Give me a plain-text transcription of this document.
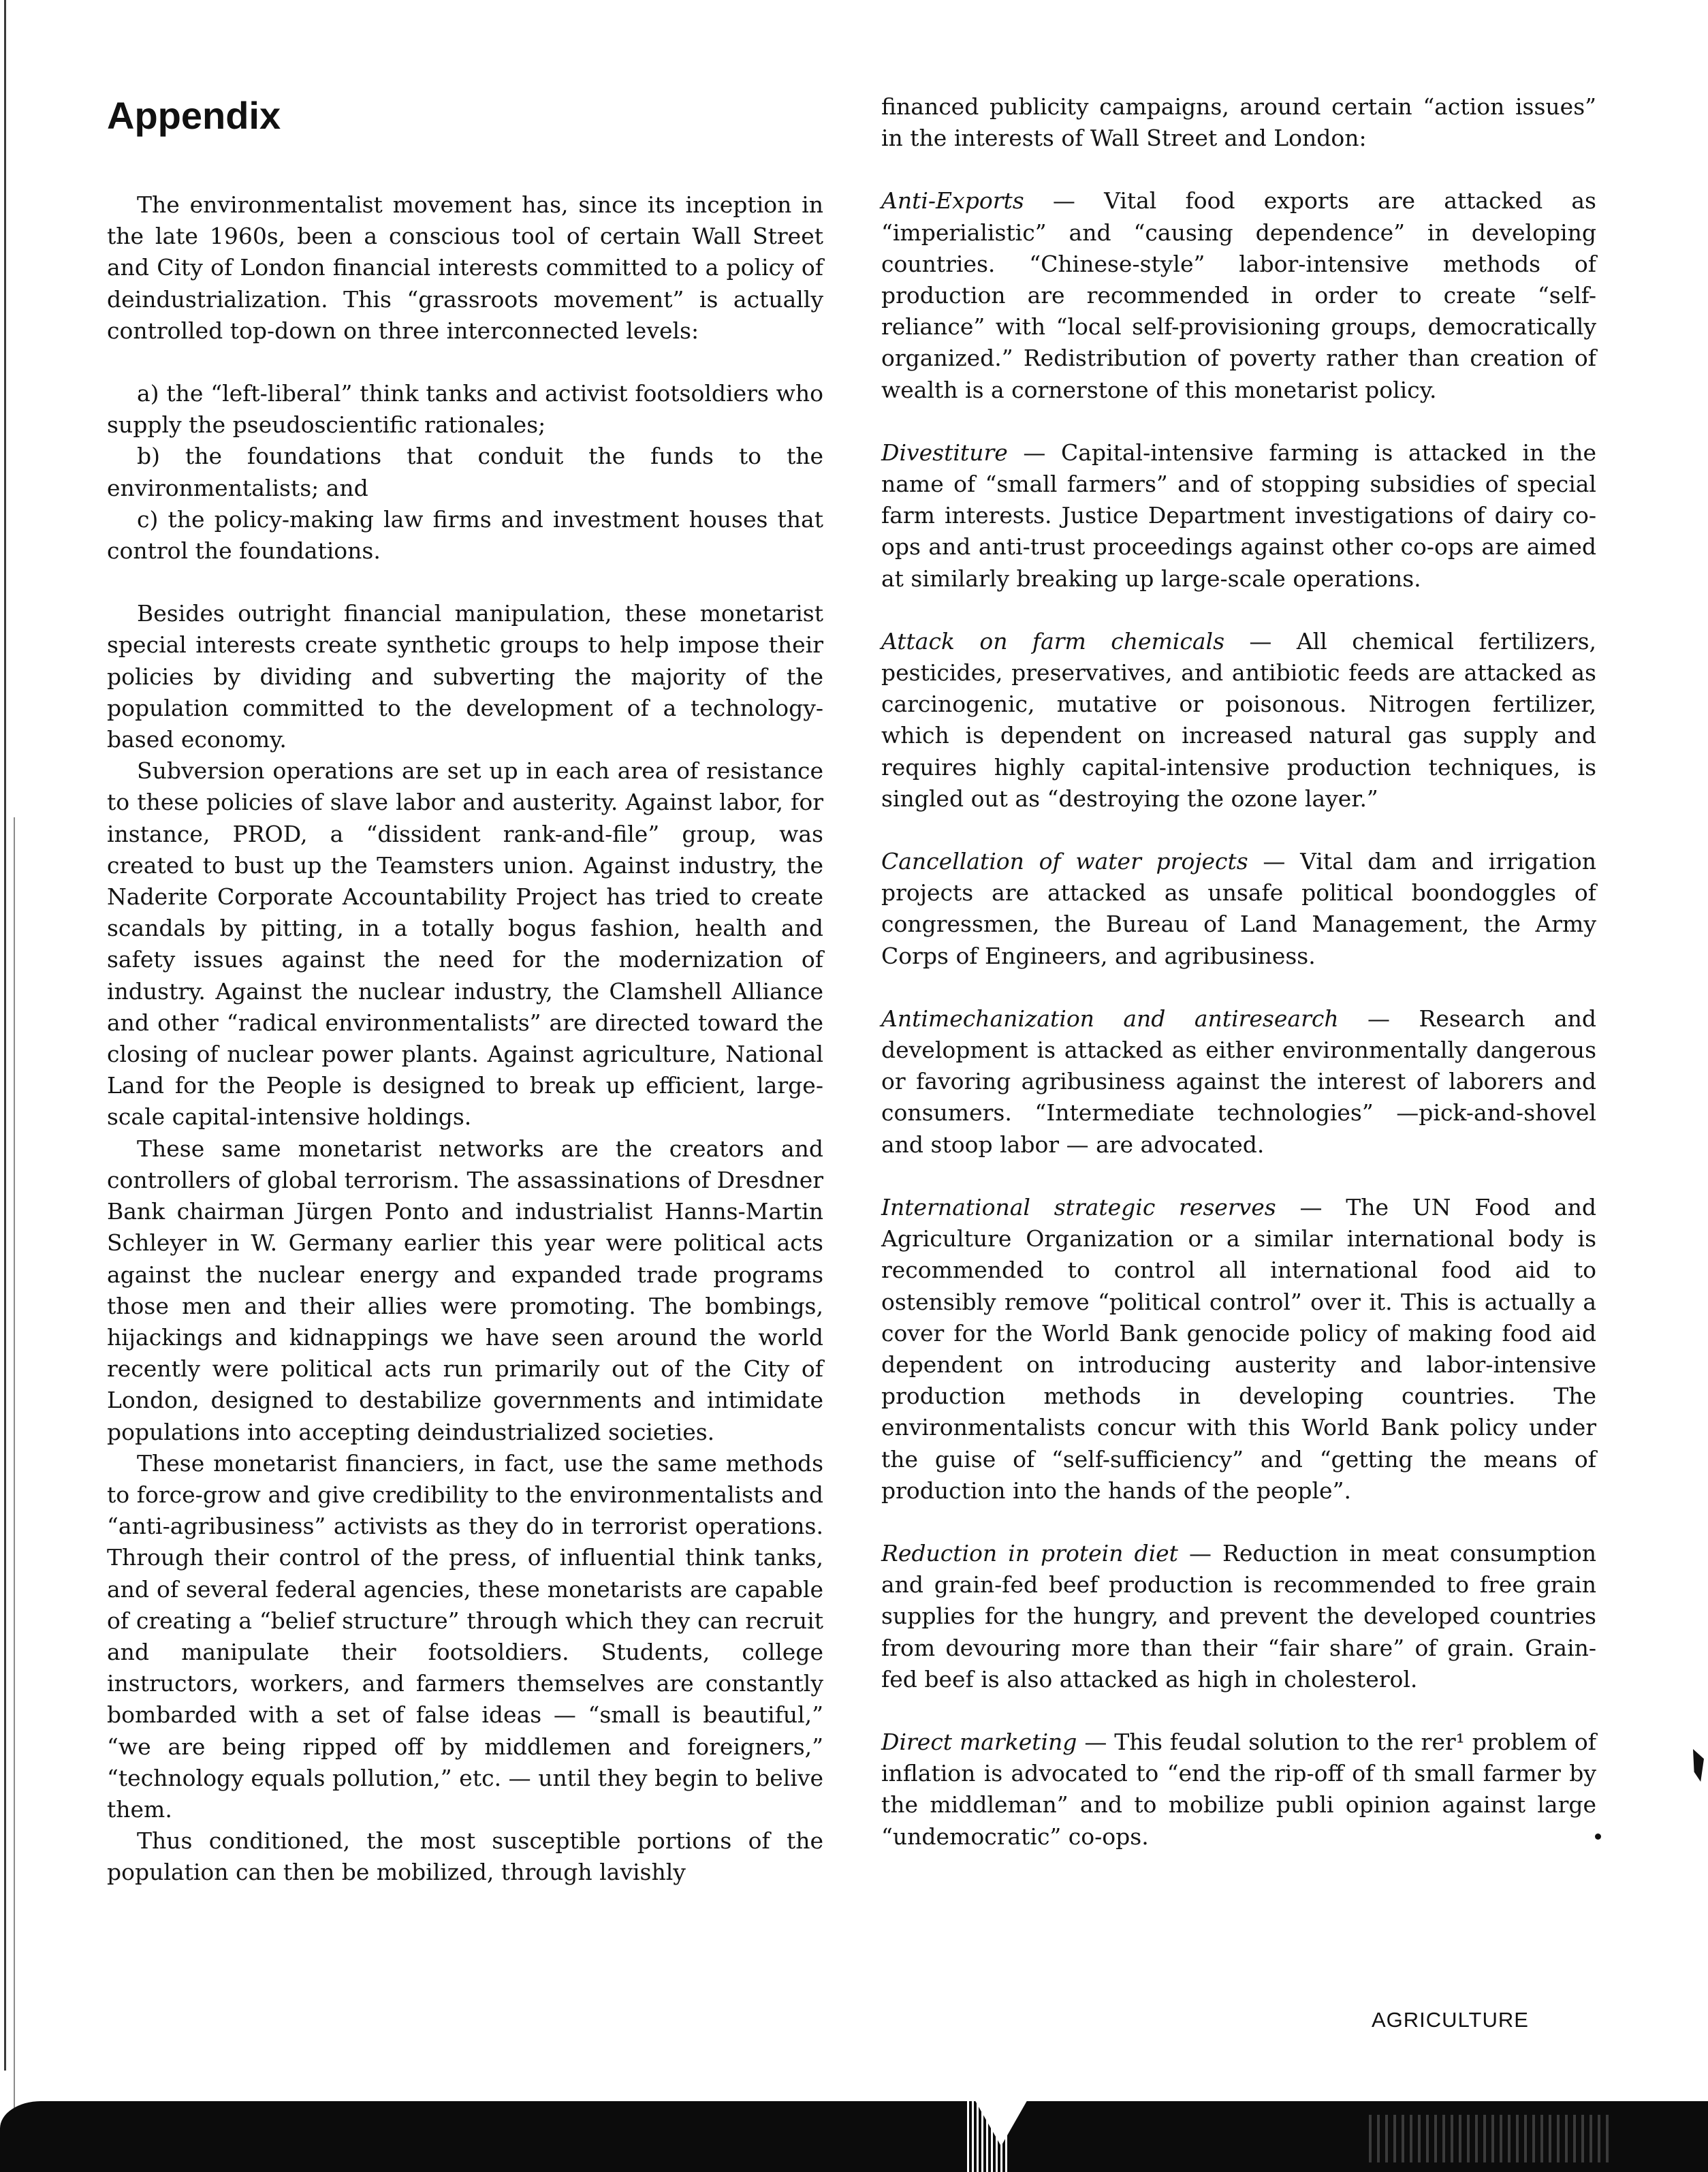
Appendix

The environmentalist movement has, since its inception in the late 1960s, been a conscious tool of certain Wall Street and City of London financial interests committed to a policy of deindustrialization. This “grassroots movement” is actually controlled top-down on three interconnected levels:

a) the “left-liberal” think tanks and activist footsoldiers who supply the pseudoscientific rationales;

b) the foundations that conduit the funds to the environmentalists; and

c) the policy-making law firms and investment houses that control the foundations.

Besides outright financial manipulation, these monetarist special interests create synthetic groups to help impose their policies by dividing and subverting the majority of the population committed to the development of a technology-based economy.

Subversion operations are set up in each area of resistance to these policies of slave labor and austerity. Against labor, for instance, PROD, a “dissident rank-and-file” group, was created to bust up the Teamsters union. Against industry, the Naderite Corporate Accountability Project has tried to create scandals by pitting, in a totally bogus fashion, health and safety issues against the need for the modernization of industry. Against the nuclear industry, the Clamshell Alliance and other “radical environmentalists” are directed toward the closing of nuclear power plants. Against agriculture, National Land for the People is designed to break up efficient, large-scale capital-intensive holdings.

These same monetarist networks are the creators and controllers of global terrorism. The assassinations of Dresdner Bank chairman Jürgen Ponto and industrialist Hanns-Martin Schleyer in W. Germany earlier this year were political acts against the nuclear energy and expanded trade programs those men and their allies were promoting. The bombings, hijackings and kidnappings we have seen around the world recently were political acts run primarily out of the City of London, designed to destabilize governments and intimidate populations into accepting deindustrialized societies.

These monetarist financiers, in fact, use the same methods to force-grow and give credibility to the environmentalists and “anti-agribusiness” activists as they do in terrorist operations. Through their control of the press, of influential think tanks, and of several federal agencies, these monetarists are capable of creating a “belief structure” through which they can recruit and manipulate their footsoldiers. Students, college instructors, workers, and farmers themselves are constantly bombarded with a set of false ideas — “small is beautiful,” “we are being ripped off by middlemen and foreigners,” “technology equals pollution,” etc. — until they begin to belive them.

Thus conditioned, the most susceptible portions of the population can then be mobilized, through lavishly

financed publicity campaigns, around certain “action issues” in the interests of Wall Street and London:

Anti-Exports — Vital food exports are attacked as “imperialistic” and “causing dependence” in developing countries. “Chinese-style” labor-intensive methods of production are recommended in order to create “self-reliance” with “local self-provisioning groups, democratically organized.” Redistribution of poverty rather than creation of wealth is a cornerstone of this monetarist policy.

Divestiture — Capital-intensive farming is attacked in the name of “small farmers” and of stopping subsidies of special farm interests. Justice Department investigations of dairy co-ops and anti-trust proceedings against other co-ops are aimed at similarly breaking up large-scale operations.

Attack on farm chemicals — All chemical fertilizers, pesticides, preservatives, and antibiotic feeds are attacked as carcinogenic, mutative or poisonous. Nitrogen fertilizer, which is dependent on increased natural gas supply and requires highly capital-intensive production techniques, is singled out as “destroying the ozone layer.”

Cancellation of water projects — Vital dam and irrigation projects are attacked as unsafe political boondoggles of congressmen, the Bureau of Land Management, the Army Corps of Engineers, and agribusiness.

Antimechanization and antiresearch — Research and development is attacked as either environmentally dangerous or favoring agribusiness against the interest of laborers and consumers. “Intermediate technologies” —pick-and-shovel and stoop labor — are advocated.

International strategic reserves — The UN Food and Agriculture Organization or a similar international body is recommended to control all international food aid to ostensibly remove “political control” over it. This is actually a cover for the World Bank genocide policy of making food aid dependent on introducing austerity and labor-intensive production methods in developing countries. The environmentalists concur with this World Bank policy under the guise of “self-sufficiency” and “getting the means of production into the hands of the people”.

Reduction in protein diet — Reduction in meat consumption and grain-fed beef production is recommended to free grain supplies for the hungry, and prevent the developed countries from devouring more than their “fair share” of grain. Grain-fed beef is also attacked as high in cholesterol.

Direct marketing — This feudal solution to the rer¹ problem of inflation is advocated to “end the rip-off of th small farmer by the middleman” and to mobilize publi opinion against large “undemocratic” co-ops.

AGRICULTURE
